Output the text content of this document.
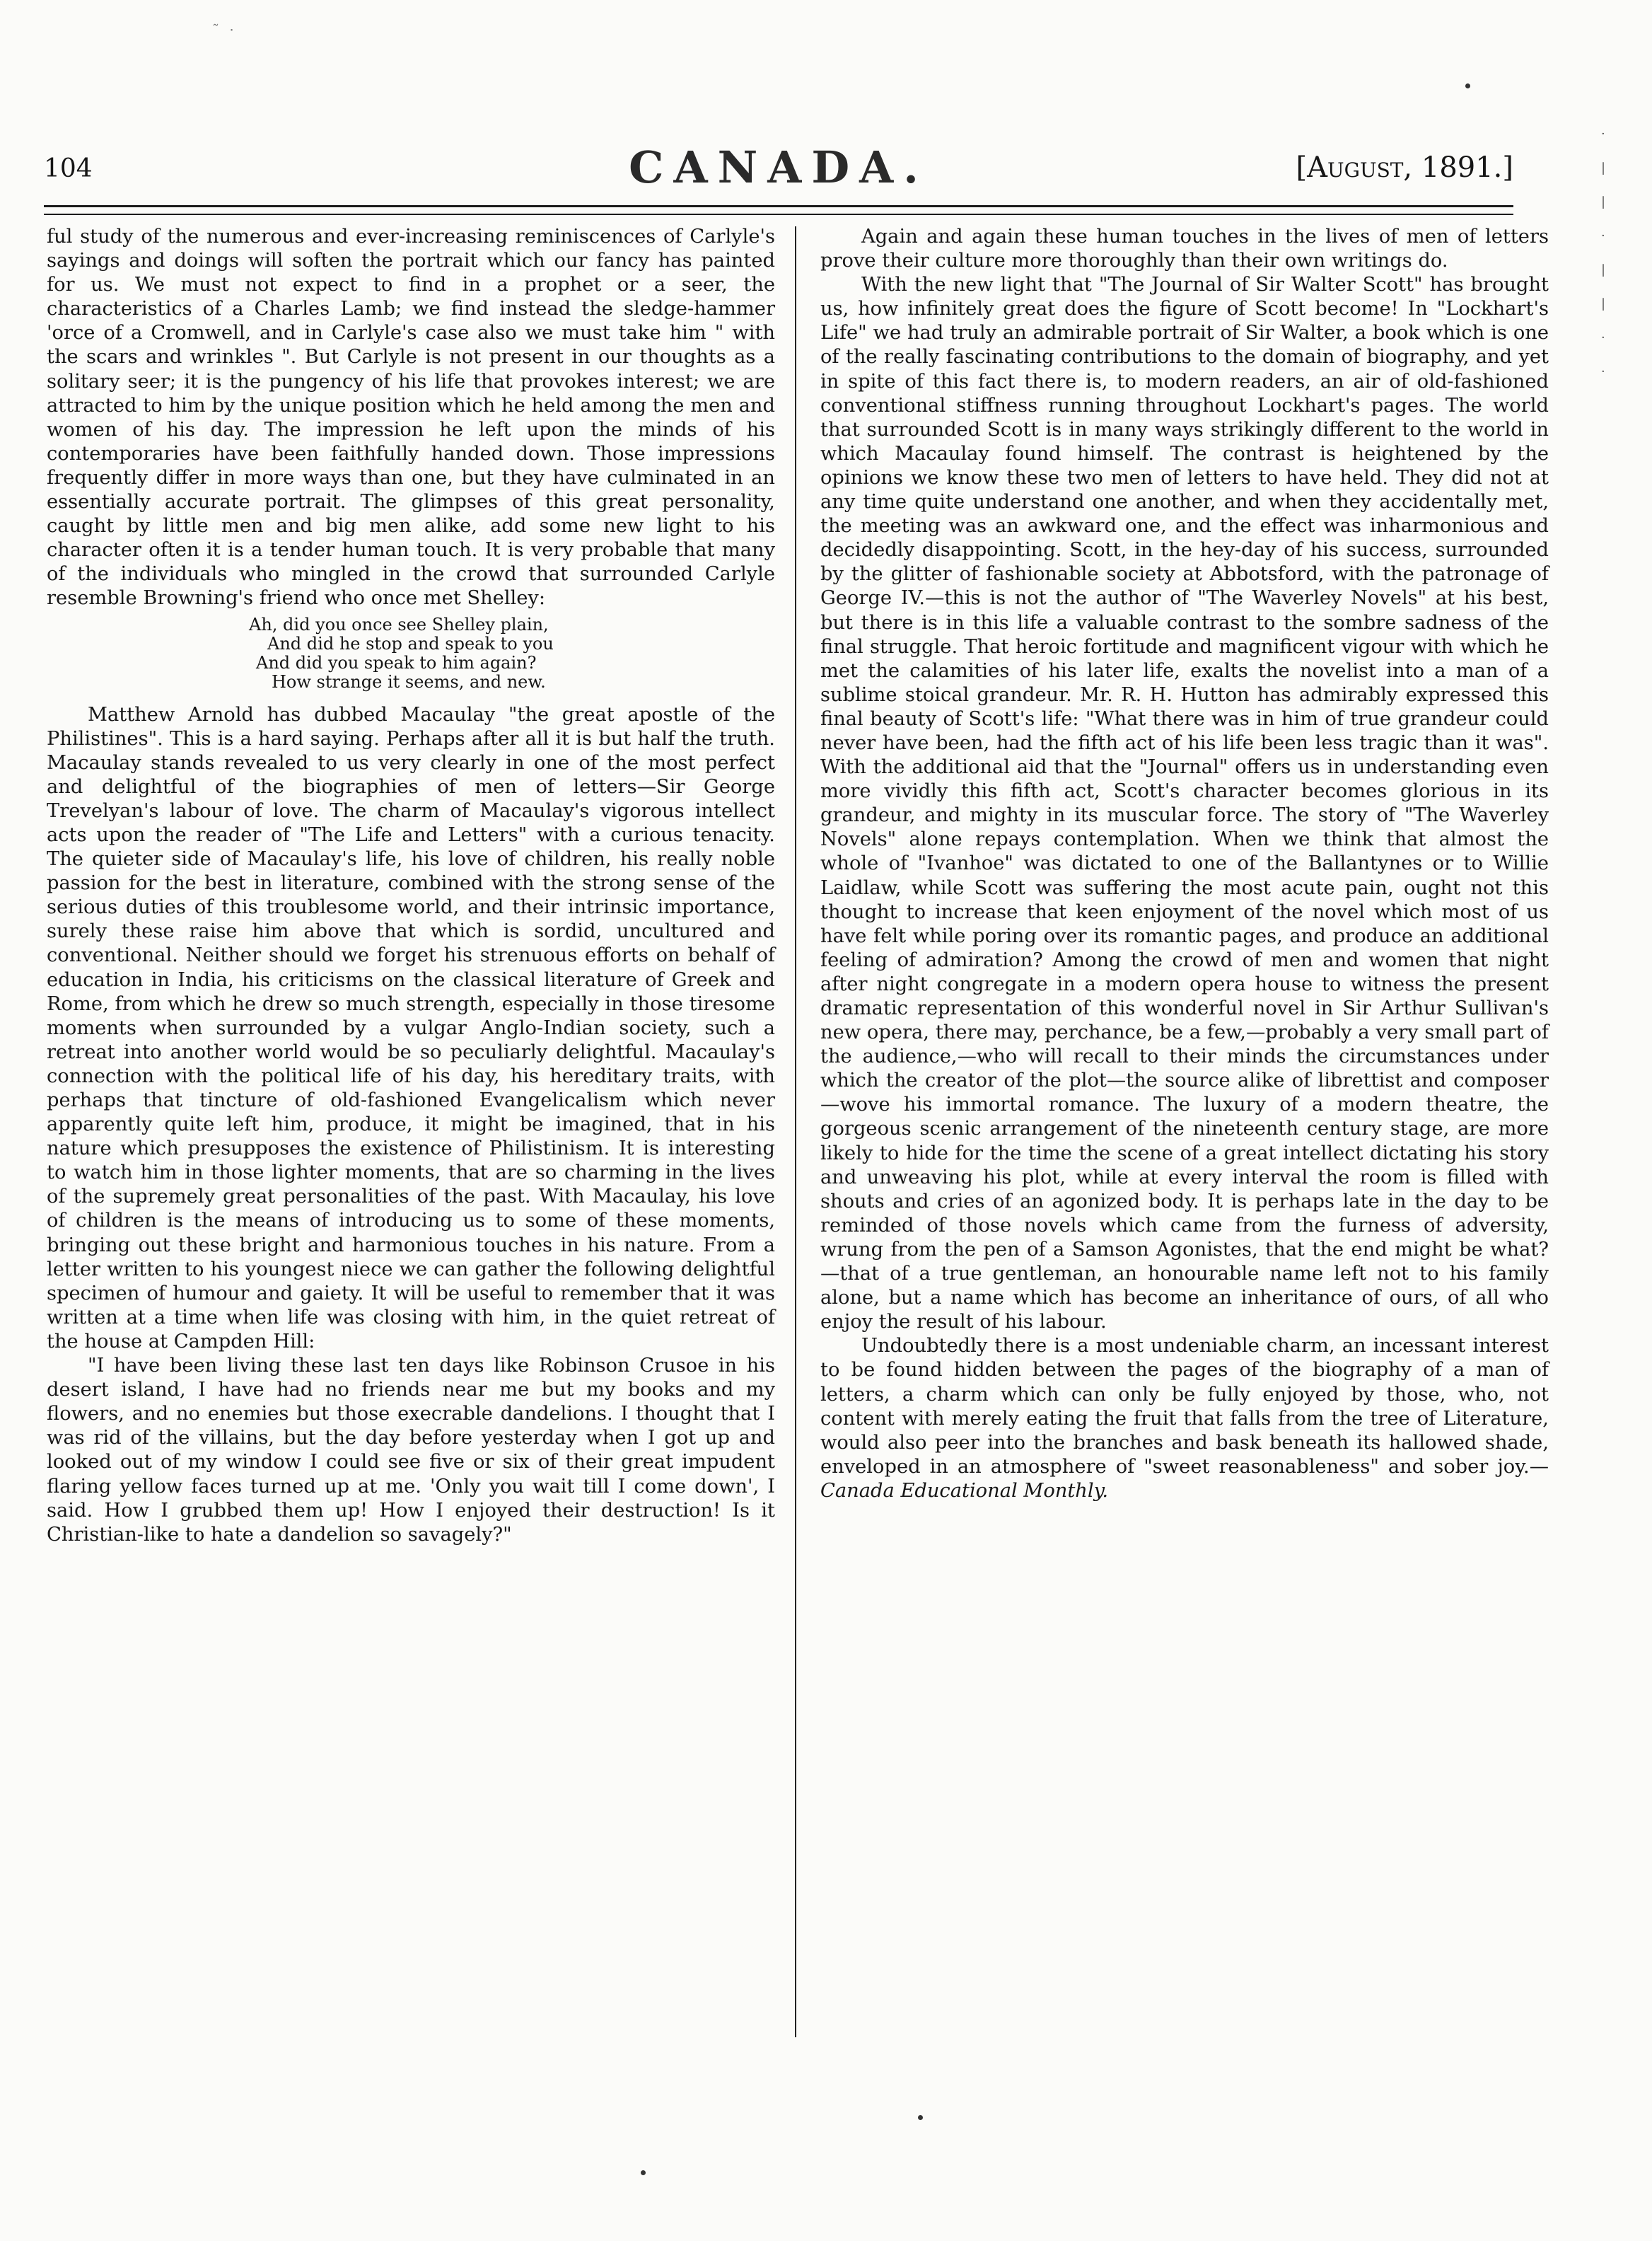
˜ ·
·
|
|
·
|
|
·
·
104	CANADA.	[August, 1891.]

ful study of the numerous and ever-increasing reminiscences of Carlyle's sayings and doings will soften the portrait which our fancy has painted for us. We must not expect to find in a prophet or a seer, the characteristics of a Charles Lamb; we find instead the sledge-hammer 'orce of a Cromwell, and in Carlyle's case also we must take him " with the scars and wrinkles ". But Carlyle is not present in our thoughts as a solitary seer; it is the pungency of his life that provokes interest; we are attracted to him by the unique position which he held among the men and women of his day. The impression he left upon the minds of his contemporaries have been faithfully handed down. Those impressions frequently differ in more ways than one, but they have culminated in an essentially accurate portrait. The glimpses of this great personality, caught by little men and big men alike, add some new light to his character often it is a tender human touch. It is very probable that many of the individuals who mingled in the crowd that surrounded Carlyle resemble Browning's friend who once met Shelley:

Ah, did you once see Shelley plain,
And did he stop and speak to you
And did you speak to him again?
How strange it seems, and new.

Matthew Arnold has dubbed Macaulay "the great apostle of the Philistines". This is a hard saying. Perhaps after all it is but half the truth. Macaulay stands revealed to us very clearly in one of the most perfect and delightful of the biographies of men of letters—Sir George Trevelyan's labour of love. The charm of Macaulay's vigorous intellect acts upon the reader of "The Life and Letters" with a curious tenacity. The quieter side of Macaulay's life, his love of children, his really noble passion for the best in literature, combined with the strong sense of the serious duties of this troublesome world, and their intrinsic importance, surely these raise him above that which is sordid, uncultured and conventional. Neither should we forget his strenuous efforts on behalf of education in India, his criticisms on the classical literature of Greek and Rome, from which he drew so much strength, especially in those tiresome moments when surrounded by a vulgar Anglo-Indian society, such a retreat into another world would be so peculiarly delightful. Macaulay's connection with the political life of his day, his hereditary traits, with perhaps that tincture of old-fashioned Evangelicalism which never apparently quite left him, produce, it might be imagined, that in his nature which presupposes the existence of Philistinism. It is interesting to watch him in those lighter moments, that are so charming in the lives of the supremely great personalities of the past. With Macaulay, his love of children is the means of introducing us to some of these moments, bringing out these bright and harmonious touches in his nature. From a letter written to his youngest niece we can gather the following delightful specimen of humour and gaiety. It will be useful to remember that it was written at a time when life was closing with him, in the quiet retreat of the house at Campden Hill:

"I have been living these last ten days like Robinson Crusoe in his desert island, I have had no friends near me but my books and my flowers, and no enemies but those execrable dandelions. I thought that I was rid of the villains, but the day before yesterday when I got up and looked out of my window I could see five or six of their great impudent flaring yellow faces turned up at me. 'Only you wait till I come down', I said. How I grubbed them up! How I enjoyed their destruction! Is it Christian-like to hate a dandelion so savagely?"

Again and again these human touches in the lives of men of letters prove their culture more thoroughly than their own writings do.

With the new light that "The Journal of Sir Walter Scott" has brought us, how infinitely great does the figure of Scott become! In "Lockhart's Life" we had truly an admirable portrait of Sir Walter, a book which is one of the really fascinating contributions to the domain of biography, and yet in spite of this fact there is, to modern readers, an air of old-fashioned conventional stiffness running throughout Lockhart's pages. The world that surrounded Scott is in many ways strikingly different to the world in which Macaulay found himself. The contrast is heightened by the opinions we know these two men of letters to have held. They did not at any time quite understand one another, and when they accidentally met, the meeting was an awkward one, and the effect was inharmonious and decidedly disappointing. Scott, in the hey-day of his success, surrounded by the glitter of fashionable society at Abbotsford, with the patronage of George IV.—this is not the author of "The Waverley Novels" at his best, but there is in this life a valuable contrast to the sombre sadness of the final struggle. That heroic fortitude and magnificent vigour with which he met the calamities of his later life, exalts the novelist into a man of a sublime stoical grandeur. Mr. R. H. Hutton has admirably expressed this final beauty of Scott's life: "What there was in him of true grandeur could never have been, had the fifth act of his life been less tragic than it was". With the additional aid that the "Journal" offers us in understanding even more vividly this fifth act, Scott's character becomes glorious in its grandeur, and mighty in its muscular force. The story of "The Waverley Novels" alone repays contemplation. When we think that almost the whole of "Ivanhoe" was dictated to one of the Ballantynes or to Willie Laidlaw, while Scott was suffering the most acute pain, ought not this thought to increase that keen enjoyment of the novel which most of us have felt while poring over its romantic pages, and produce an additional feeling of admiration? Among the crowd of men and women that night after night congregate in a modern opera house to witness the present dramatic representation of this wonderful novel in Sir Arthur Sullivan's new opera, there may, perchance, be a few,—probably a very small part of the audience,—who will recall to their minds the circumstances under which the creator of the plot—the source alike of librettist and composer—wove his immortal romance. The luxury of a modern theatre, the gorgeous scenic arrangement of the nineteenth century stage, are more likely to hide for the time the scene of a great intellect dictating his story and unweaving his plot, while at every interval the room is filled with shouts and cries of an agonized body. It is perhaps late in the day to be reminded of those novels which came from the furness of adversity, wrung from the pen of a Samson Agonistes, that the end might be what?—that of a true gentleman, an honourable name left not to his family alone, but a name which has become an inheritance of ours, of all who enjoy the result of his labour.

Undoubtedly there is a most undeniable charm, an incessant interest to be found hidden between the pages of the biography of a man of letters, a charm which can only be fully enjoyed by those, who, not content with merely eating the fruit that falls from the tree of Literature, would also peer into the branches and bask beneath its hallowed shade, enveloped in an atmosphere of "sweet reasonableness" and sober joy.—Canada Educational Monthly.
